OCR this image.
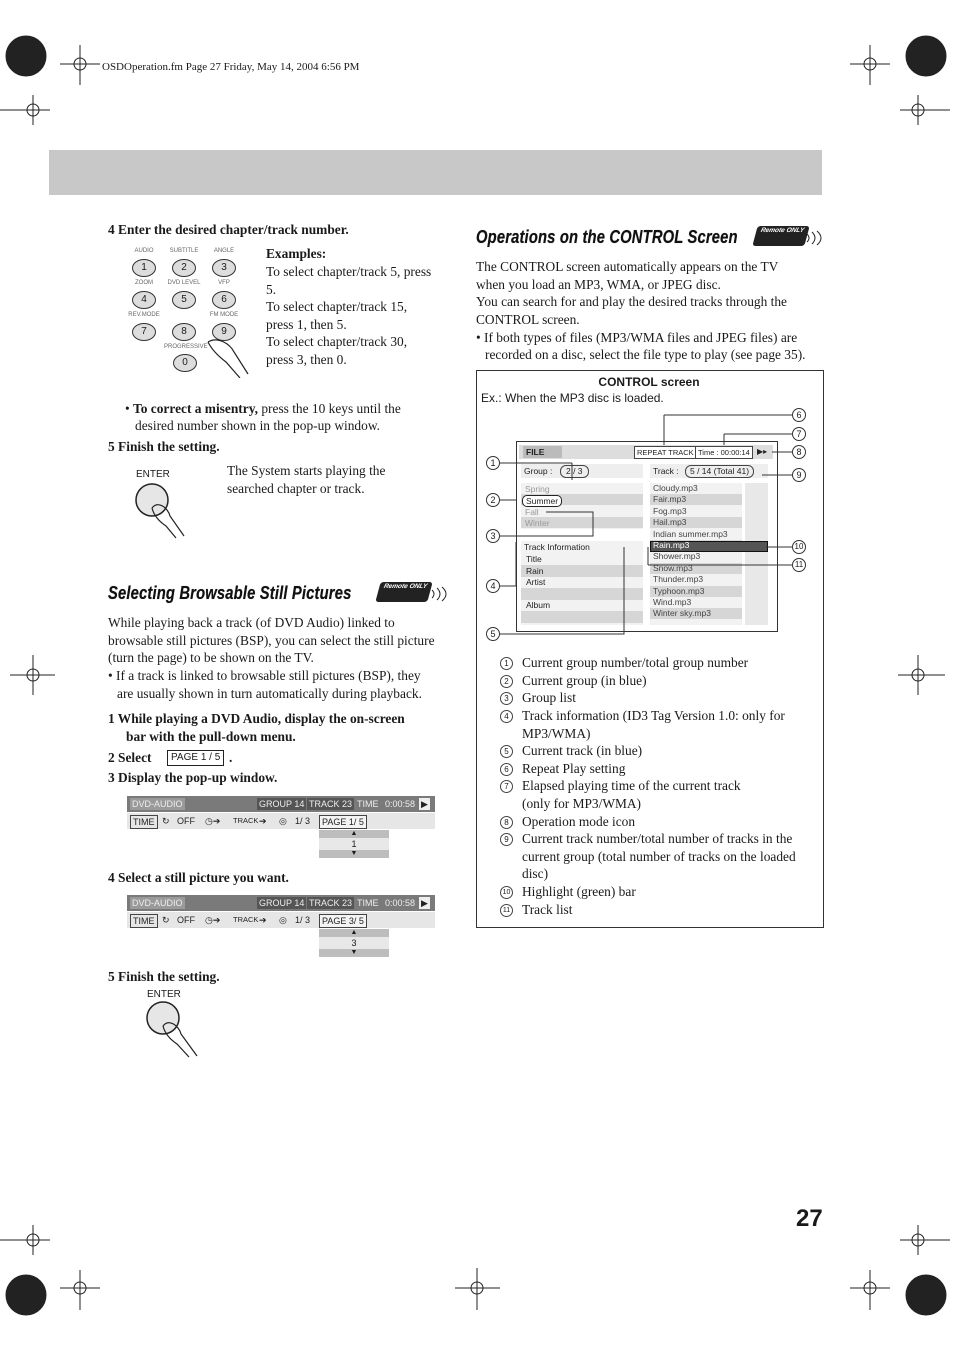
OSDOperation.fm Page 27 Friday, May 14, 2004 6:56 PM
4 Enter the desired chapter/track number.
AUDIO	SUBTITLE	ANGLE
1	2	3
ZOOM	DVD LEVEL	VFP
4	5	6
REV.MODE	FM MODE
7	8	9
PROGRESSIVE
0
Examples:
To select chapter/track 5, press
5.
To select chapter/track 15,
press 1, then 5.
To select chapter/track 30,
press 3, then 0.
• To correct a misentry, press the 10 keys until the
desired number shown in the pop-up window.
5 Finish the setting.
ENTER	The System starts playing the
searched chapter or track.
Selecting Browsable Still Pictures	Remote ONLY
While playing back a track (of DVD Audio) linked to
browsable still pictures (BSP), you can select the still picture
(turn the page) to be shown on the TV.
• If a track is linked to browsable still pictures (BSP), they
are usually shown in turn automatically during playback.
1 While playing a DVD Audio, display the on-screen
bar with the pull-down menu.
2 Select	PAGE 1 / 5 .
3 Display the pop-up window.
DVD-AUDIO	GROUP 14 TRACK 23 TIME 0:00:58 ▶
TIME ↻ OFF ◷➔ TRACK ➔ ◎ 1/ 3	PAGE 1/ 5
▲
1
▼
4 Select a still picture you want.
DVD-AUDIO	GROUP 14 TRACK 23 TIME 0:00:58 ▶
TIME ↻ OFF ◷➔ TRACK ➔ ◎ 1/ 3	PAGE 3/ 5
▲
3
▼
5 Finish the setting.
ENTER
Operations on the CONTROL Screen	Remote ONLY
The CONTROL screen automatically appears on the TV
when you load an MP3, WMA, or JPEG disc.
You can search for and play the desired tracks through the
CONTROL screen.
• If both types of files (MP3/WMA files and JPEG files) are
recorded on a disc, select the file type to play (see page 35).
CONTROL screen
Ex.: When the MP3 disc is loaded.
FILE	REPEAT TRACK Time : 00:00:14 ▶▸
Group :	2 / 3	Track :	5 / 14 (Total 41)
Spring
Summer
Fall
Winter
Track Information
Title
Rain
Artist
Album
Cloudy.mp3
Fair.mp3
Fog.mp3
Hail.mp3
Indian summer.mp3
Rain.mp3
Shower.mp3
Snow.mp3
Thunder.mp3
Typhoon.mp3
Wind.mp3
Winter sky.mp3
1
2
3
4
5
6
7
8
9
10
11
1 Current group number/total group number
2 Current group (in blue)
3 Group list
4 Track information (ID3 Tag Version 1.0: only for
MP3/WMA)
5 Current track (in blue)
6 Repeat Play setting
7 Elapsed playing time of the current track
(only for MP3/WMA)
8 Operation mode icon
9 Current track number/total number of tracks in the
current group (total number of tracks on the loaded
disc)
10 Highlight (green) bar
11 Track list
27
